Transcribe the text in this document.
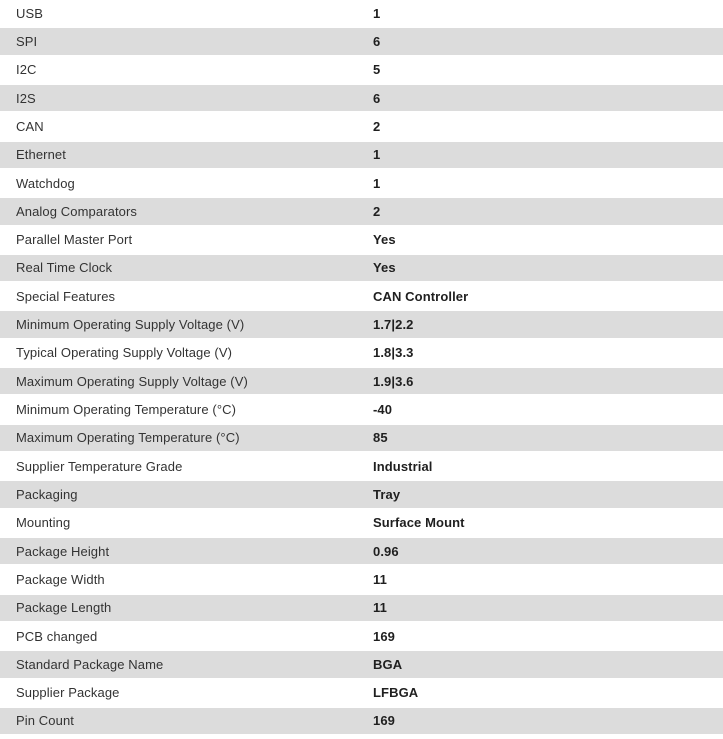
USB	1
SPI	6
I2C	5
I2S	6
CAN	2
Ethernet	1
Watchdog	1
Analog Comparators	2
Parallel Master Port	Yes
Real Time Clock	Yes
Special Features	CAN Controller
Minimum Operating Supply Voltage (V)	1.7|2.2
Typical Operating Supply Voltage (V)	1.8|3.3
Maximum Operating Supply Voltage (V)	1.9|3.6
Minimum Operating Temperature (°C)	-40
Maximum Operating Temperature (°C)	85
Supplier Temperature Grade	Industrial
Packaging	Tray
Mounting	Surface Mount
Package Height	0.96
Package Width	11
Package Length	11
PCB changed	169
Standard Package Name	BGA
Supplier Package	LFBGA
Pin Count	169
